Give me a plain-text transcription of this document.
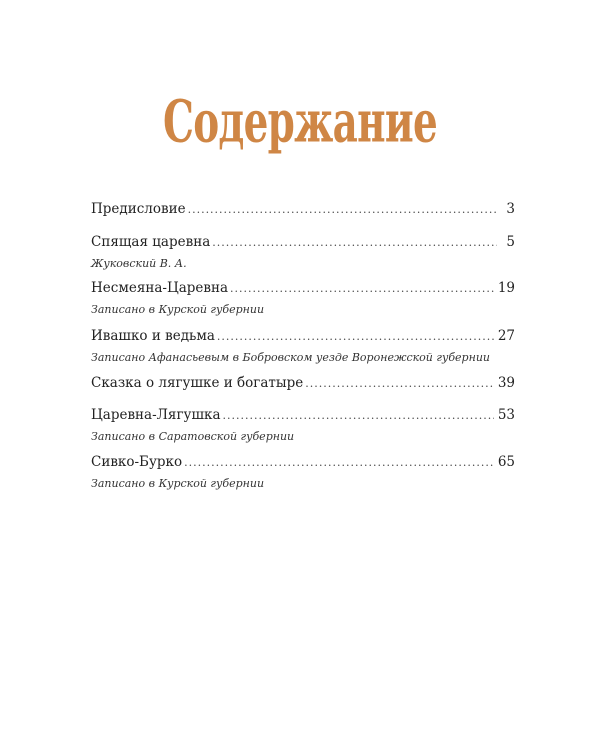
Содержание
Предисловие .....	3
Спящая царевна .....	5
Жуковский В. А.
Несмеяна-Царевна .....	19
Записано в Курской губернии
Ивашко и ведьма .....	27
Записано Афанасьевым в Бобровском уезде Воронежской губернии
Сказка о лягушке и богатыре .....	39
Царевна-Лягушка .....	53
Записано в Саратовской губернии
Сивко-Бурко .....	65
Записано в Курской губернии
